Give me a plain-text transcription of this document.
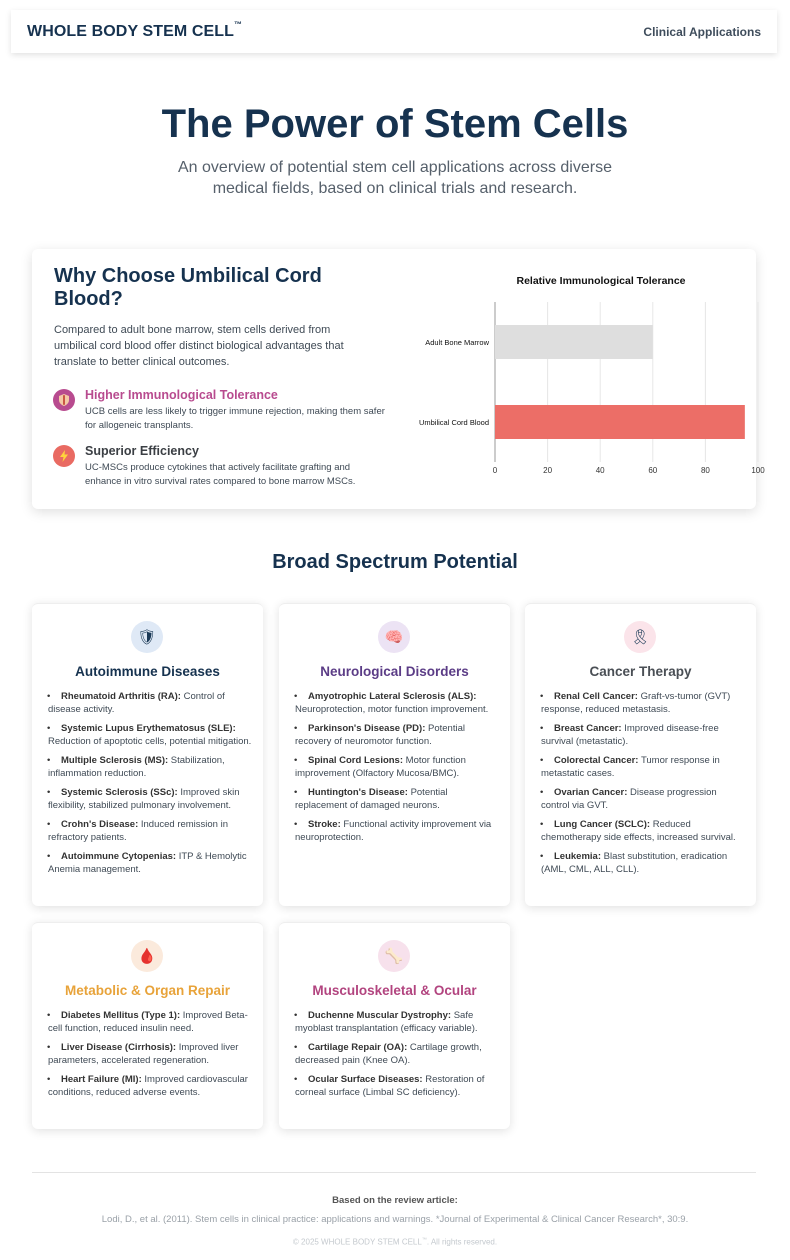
WHOLE BODY STEM CELL™
Clinical Applications
The Power of Stem Cells
An overview of potential stem cell applications across diverse medical fields, based on clinical trials and research.
Why Choose Umbilical Cord Blood?
Compared to adult bone marrow, stem cells derived from umbilical cord blood offer distinct biological advantages that translate to better clinical outcomes.
Higher Immunological Tolerance
UCB cells are less likely to trigger immune rejection, making them safer for allogeneic transplants.
Superior Efficiency
UC-MSCs produce cytokines that actively facilitate grafting and enhance in vitro survival rates compared to bone marrow MSCs.
Relative Immunological Tolerance
0	20	40	60	80	100
Adult Bone Marrow
Umbilical Cord Blood
Broad Spectrum Potential
🛡
Autoimmune Diseases
• Rheumatoid Arthritis (RA): Control of disease activity.
• Systemic Lupus Erythematosus (SLE): Reduction of apoptotic cells, potential mitigation.
• Multiple Sclerosis (MS): Stabilization, inflammation reduction.
• Systemic Sclerosis (SSc): Improved skin flexibility, stabilized pulmonary involvement.
• Crohn's Disease: Induced remission in refractory patients.
• Autoimmune Cytopenias: ITP & Hemolytic Anemia management.
🧠
Neurological Disorders
• Amyotrophic Lateral Sclerosis (ALS): Neuroprotection, motor function improvement.
• Parkinson's Disease (PD): Potential recovery of neuromotor function.
• Spinal Cord Lesions: Motor function improvement (Olfactory Mucosa/BMC).
• Huntington's Disease: Potential replacement of damaged neurons.
• Stroke: Functional activity improvement via neuroprotection.
🎗
Cancer Therapy
• Renal Cell Cancer: Graft-vs-tumor (GVT) response, reduced metastasis.
• Breast Cancer: Improved disease-free survival (metastatic).
• Colorectal Cancer: Tumor response in metastatic cases.
• Ovarian Cancer: Disease progression control via GVT.
• Lung Cancer (SCLC): Reduced chemotherapy side effects, increased survival.
• Leukemia: Blast substitution, eradication (AML, CML, ALL, CLL).
🩸
Metabolic & Organ Repair
• Diabetes Mellitus (Type 1): Improved Beta-cell function, reduced insulin need.
• Liver Disease (Cirrhosis): Improved liver parameters, accelerated regeneration.
• Heart Failure (MI): Improved cardiovascular conditions, reduced adverse events.
🦴
Musculoskeletal & Ocular
• Duchenne Muscular Dystrophy: Safe myoblast transplantation (efficacy variable).
• Cartilage Repair (OA): Cartilage growth, decreased pain (Knee OA).
• Ocular Surface Diseases: Restoration of corneal surface (Limbal SC deficiency).
Based on the review article:
Lodi, D., et al. (2011). Stem cells in clinical practice: applications and warnings. *Journal of Experimental & Clinical Cancer Research*, 30:9.
© 2025 WHOLE BODY STEM CELL™. All rights reserved.
